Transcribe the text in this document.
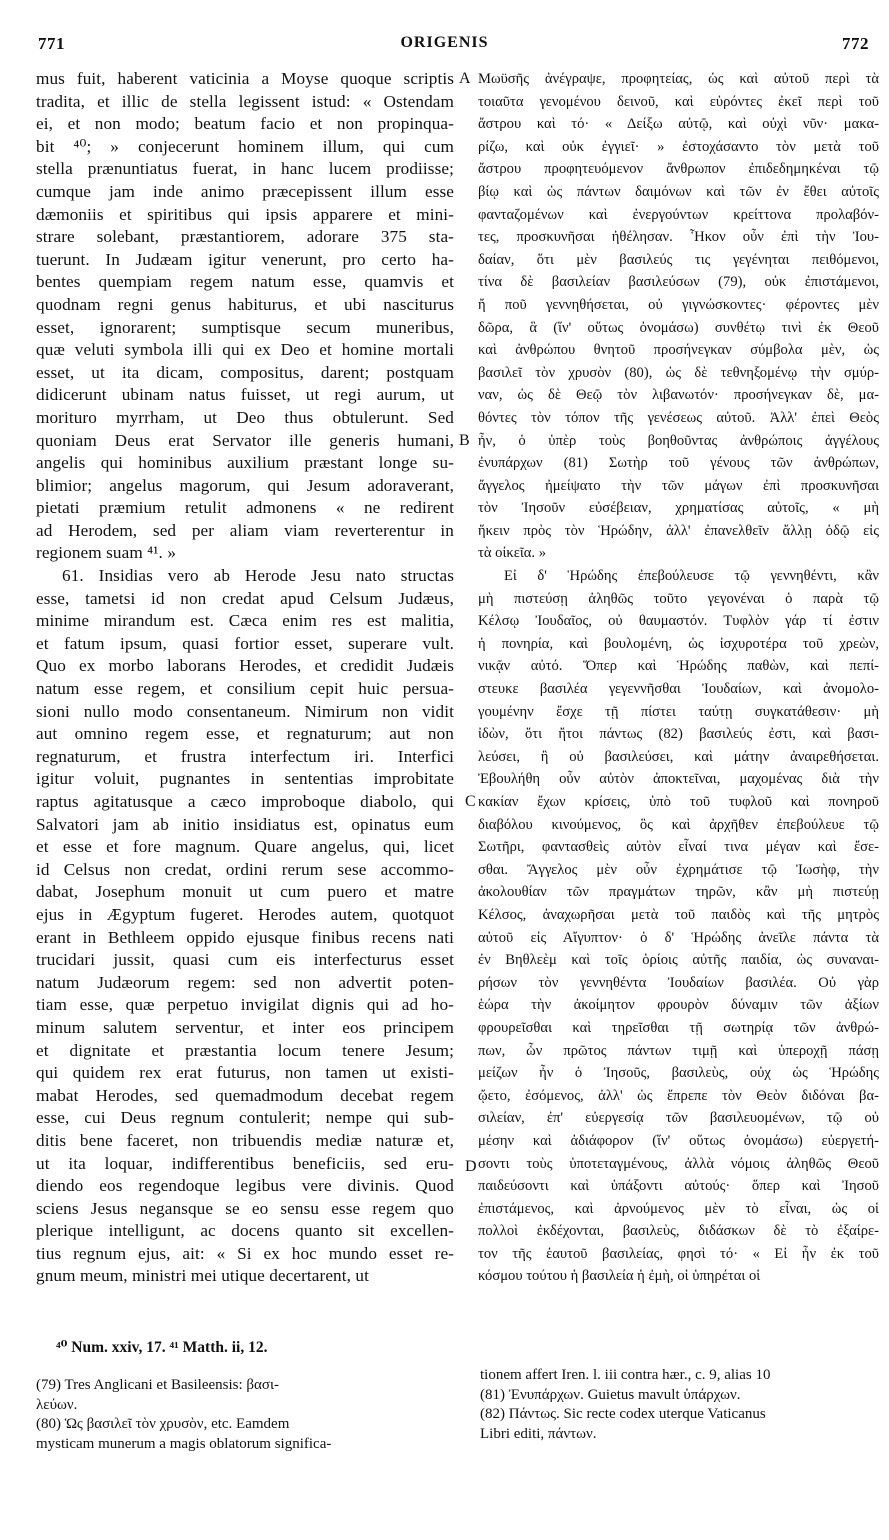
771	ORIGENIS	772
A
B
C
D
mus fuit, haberent vaticinia a Moyse quoque scriptis
tradita, et illic de stella legissent istud: « Ostendam
ei, et non modo; beatum facio et non propinqua-
bit ⁴⁰; » conjecerunt hominem illum, qui cum
stella prænuntiatus fuerat, in hanc lucem prodiisse;
cumque jam inde animo præcepissent illum esse
dæmoniis et spiritibus qui ipsis apparere et mini-
strare solebant, præstantiorem, adorare 375 sta-
tuerunt. In Judæam igitur venerunt, pro certo ha-
bentes quempiam regem natum esse, quamvis et
quodnam regni genus habiturus, et ubi nasciturus
esset, ignorarent; sumptisque secum muneribus,
quæ veluti symbola illi qui ex Deo et homine mortali
esset, ut ita dicam, compositus, darent; postquam
didicerunt ubinam natus fuisset, ut regi aurum, ut
morituro myrrham, ut Deo thus obtulerunt. Sed
quoniam Deus erat Servator ille generis humani,
angelis qui hominibus auxilium præstant longe su-
blimior; angelus magorum, qui Jesum adoraverant,
pietati præmium retulit admonens « ne redirent
ad Herodem, sed per aliam viam reverterentur in
regionem suam ⁴¹. »
61. Insidias vero ab Herode Jesu nato structas
esse, tametsi id non credat apud Celsum Judæus,
minime mirandum est. Cæca enim res est malitia,
et fatum ipsum, quasi fortior esset, superare vult.
Quo ex morbo laborans Herodes, et credidit Judæis
natum esse regem, et consilium cepit huic persua-
sioni nullo modo consentaneum. Nimirum non vidit
aut omnino regem esse, et regnaturum; aut non
regnaturum, et frustra interfectum iri. Interfici
igitur voluit, pugnantes in sententias improbitate
raptus agitatusque a cæco improboque diabolo, qui
Salvatori jam ab initio insidiatus est, opinatus eum
et esse et fore magnum. Quare angelus, qui, licet
id Celsus non credat, ordini rerum sese accommo-
dabat, Josephum monuit ut cum puero et matre
ejus in Ægyptum fugeret. Herodes autem, quotquot
erant in Bethleem oppido ejusque finibus recens nati
trucidari jussit, quasi cum eis interfecturus esset
natum Judæorum regem: sed non advertit poten-
tiam esse, quæ perpetuo invigilat dignis qui ad ho-
minum salutem serventur, et inter eos principem
et dignitate et præstantia locum tenere Jesum;
qui quidem rex erat futurus, non tamen ut existi-
mabat Herodes, sed quemadmodum decebat regem
esse, cui Deus regnum contulerit; nempe qui sub-
ditis bene faceret, non tribuendis mediæ naturæ et,
ut ita loquar, indifferentibus beneficiis, sed eru-
diendo eos regendoque legibus vere divinis. Quod
sciens Jesus negansque se eo sensu esse regem quo
plerique intelligunt, ac docens quanto sit excellen-
tius regnum ejus, ait: « Si ex hoc mundo esset re-
gnum meum, ministri mei utique decertarent, ut
Μωϋσῆς ἀνέγραψε, προφητείας, ὡς καὶ αὐτοῦ περὶ τὰ
τοιαῦτα γενομένου δεινοῦ, καὶ εὑρόντες ἐκεῖ περὶ τοῦ
ἄστρου καὶ τό· « Δείξω αὐτῷ, καὶ οὐχὶ νῦν· μακα-
ρίζω, καὶ οὐκ ἐγγιεῖ· » ἐστοχάσαντο τὸν μετὰ τοῦ
ἄστρου προφητευόμενον ἄνθρωπον ἐπιδεδημηκέναι τῷ
βίῳ καὶ ὡς πάντων δαιμόνων καὶ τῶν ἐν ἔθει αὐτοῖς
φανταζομένων καὶ ἐνεργούντων κρείττονα προλαβόν-
τες, προσκυνῆσαι ἠθέλησαν. Ἧκον οὖν ἐπὶ τὴν Ἰου-
δαίαν, ὅτι μὲν βασιλεύς τις γεγένηται πειθόμενοι,
τίνα δὲ βασιλείαν βασιλεύσων (79), οὐκ ἐπιστάμενοι,
ἤ ποῦ γεννηθήσεται, οὐ γιγνώσκοντες· φέροντες μὲν
δῶρα, ἃ (ἵν' οὕτως ὀνομάσω) συνθέτῳ τινὶ ἐκ Θεοῦ
καὶ ἀνθρώπου θνητοῦ προσήνεγκαν σύμβολα μὲν, ὡς
βασιλεῖ τὸν χρυσὸν (80), ὡς δὲ τεθνηξομένῳ τὴν σμύρ-
ναν, ὡς δὲ Θεῷ τὸν λιβανωτόν· προσήνεγκαν δὲ, μα-
θόντες τὸν τόπον τῆς γενέσεως αὐτοῦ. Ἀλλ' ἐπεὶ Θεὸς
ἦν, ὁ ὑπὲρ τοὺς βοηθοῦντας ἀνθρώποις ἀγγέλους
ἐνυπάρχων (81) Σωτὴρ τοῦ γένους τῶν ἀνθρώπων,
ἄγγελος ἠμείψατο τὴν τῶν μάγων ἐπὶ προσκυνῆσαι
τὸν Ἰησοῦν εὐσέβειαν, χρηματίσας αὐτοῖς, « μὴ
ἥκειν πρὸς τὸν Ἡρώδην, ἀλλ' ἐπανελθεῖν ἄλλῃ ὁδῷ εἰς
τὰ οἰκεῖα. »
Εἰ δ' Ἡρώδης ἐπεβούλευσε τῷ γεννηθέντι, κἂν
μὴ πιστεύσῃ ἀληθῶς τοῦτο γεγονέναι ὁ παρὰ τῷ
Κέλσῳ Ἰουδαῖος, οὐ θαυμαστόν. Τυφλὸν γάρ τί ἐστιν
ἡ πονηρία, καὶ βουλομένη, ὡς ἰσχυροτέρα τοῦ χρεὼν,
νικᾷν αὐτό. Ὅπερ καὶ Ἡρώδης παθὼν, καὶ πεπί-
στευκε βασιλέα γεγεννῆσθαι Ἰουδαίων, καὶ ἀνομολο-
γουμένην ἔσχε τῇ πίστει ταύτῃ συγκατάθεσιν· μὴ
ἰδὼν, ὅτι ἤτοι πάντως (82) βασιλεύς ἐστι, καὶ βασι-
λεύσει, ἢ οὐ βασιλεύσει, καὶ μάτην ἀναιρεθήσεται.
Ἐβουλήθη οὖν αὐτὸν ἀποκτεῖναι, μαχομένας διὰ τὴν
κακίαν ἔχων κρίσεις, ὑπὸ τοῦ τυφλοῦ καὶ πονηροῦ
διαβόλου κινούμενος, ὃς καὶ ἀρχῆθεν ἐπεβούλευε τῷ
Σωτῆρι, φαντασθεὶς αὐτὸν εἶναί τινα μέγαν καὶ ἔσε-
σθαι. Ἄγγελος μὲν οὖν ἐχρημάτισε τῷ Ἰωσὴφ, τὴν
ἀκολουθίαν τῶν πραγμάτων τηρῶν, κἂν μὴ πιστεύῃ
Κέλσος, ἀναχωρῆσαι μετὰ τοῦ παιδὸς καὶ τῆς μητρὸς
αὐτοῦ εἰς Αἴγυπτον· ὁ δ' Ἡρώδης ἀνεῖλε πάντα τὰ
ἐν Βηθλεὲμ καὶ τοῖς ὁρίοις αὐτῆς παιδία, ὡς συναναι-
ρήσων τὸν γεννηθέντα Ἰουδαίων βασιλέα. Οὐ γὰρ
ἑώρα τὴν ἀκοίμητον φρουρὸν δύναμιν τῶν ἀξίων
φρουρεῖσθαι καὶ τηρεῖσθαι τῇ σωτηρίᾳ τῶν ἀνθρώ-
πων, ὧν πρῶτος πάντων τιμῇ καὶ ὑπεροχῇ πάσῃ
μείζων ἦν ὁ Ἰησοῦς, βασιλεὺς, οὐχ ὡς Ἡρώδης
ᾤετο, ἐσόμενος, ἀλλ' ὡς ἔπρεπε τὸν Θεὸν διδόναι βα-
σιλείαν, ἐπ' εὐεργεσίᾳ τῶν βασιλευομένων, τῷ οὐ
μέσην καὶ ἀδιάφορον (ἵν' οὕτως ὀνομάσω) εὐεργετή-
σοντι τοὺς ὑποτεταγμένους, ἀλλὰ νόμοις ἀληθῶς Θεοῦ
παιδεύσοντι καὶ ὑπάξοντι αὐτούς· ὅπερ καὶ Ἰησοῦ
ἐπιστάμενος, καὶ ἀρνούμενος μὲν τὸ εἶναι, ὡς οἱ
πολλοὶ ἐκδέχονται, βασιλεὺς, διδάσκων δὲ τὸ ἐξαίρε-
τον τῆς ἑαυτοῦ βασιλείας, φησὶ τό· « Εἰ ἦν ἐκ τοῦ
κόσμου τούτου ἡ βασιλεία ἡ ἐμὴ, οἱ ὑπηρέται οἱ
⁴⁰ Num. xxiv, 17. ⁴¹ Matth. ii, 12.
(79) Tres Anglicani et Basileensis: βασι-
λεύων.
(80) Ὡς βασιλεῖ τὸν χρυσὸν, etc. Eamdem
mysticam munerum a magis oblatorum significa-
tionem affert Iren. l. iii contra hær., c. 9, alias 10
(81) Ἐνυπάρχων. Guietus mavult ὑπάρχων.
(82) Πάντως. Sic recte codex uterque Vaticanus
Libri editi, πάντων.
